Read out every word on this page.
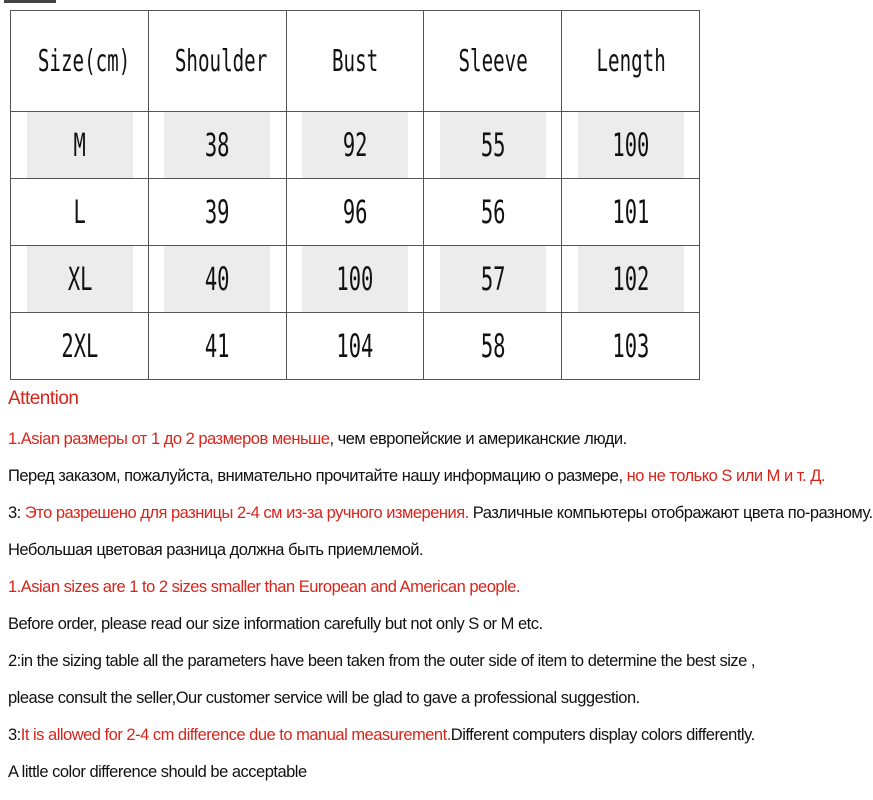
Size(cm)	Shoulder	Bust	Sleeve	Length
M	38	92	55	100
L	39	96	56	101
XL	40	100	57	102
2XL	41	104	58	103
Attention
1.Asian размеры от 1 до 2 размеров меньше, чем европейские и американские люди.
Перед заказом, пожалуйста, внимательно прочитайте нашу информацию о размере, но не только S или M и т. Д.
3: Это разрешено для разницы 2-4 см из-за ручного измерения. Различные компьютеры отображают цвета по-разному.
Небольшая цветовая разница должна быть приемлемой.
1.Asian sizes are 1 to 2 sizes smaller than European and American people.
Before order, please read our size information carefully but not only S or M etc.
2:in the sizing table all the parameters have been taken from the outer side of item to determine the best size ,
please consult the seller,Our customer service will be glad to gave a professional suggestion.
3:It is allowed for 2-4 cm difference due to manual measurement.Different computers display colors differently.
A little color difference should be acceptable
